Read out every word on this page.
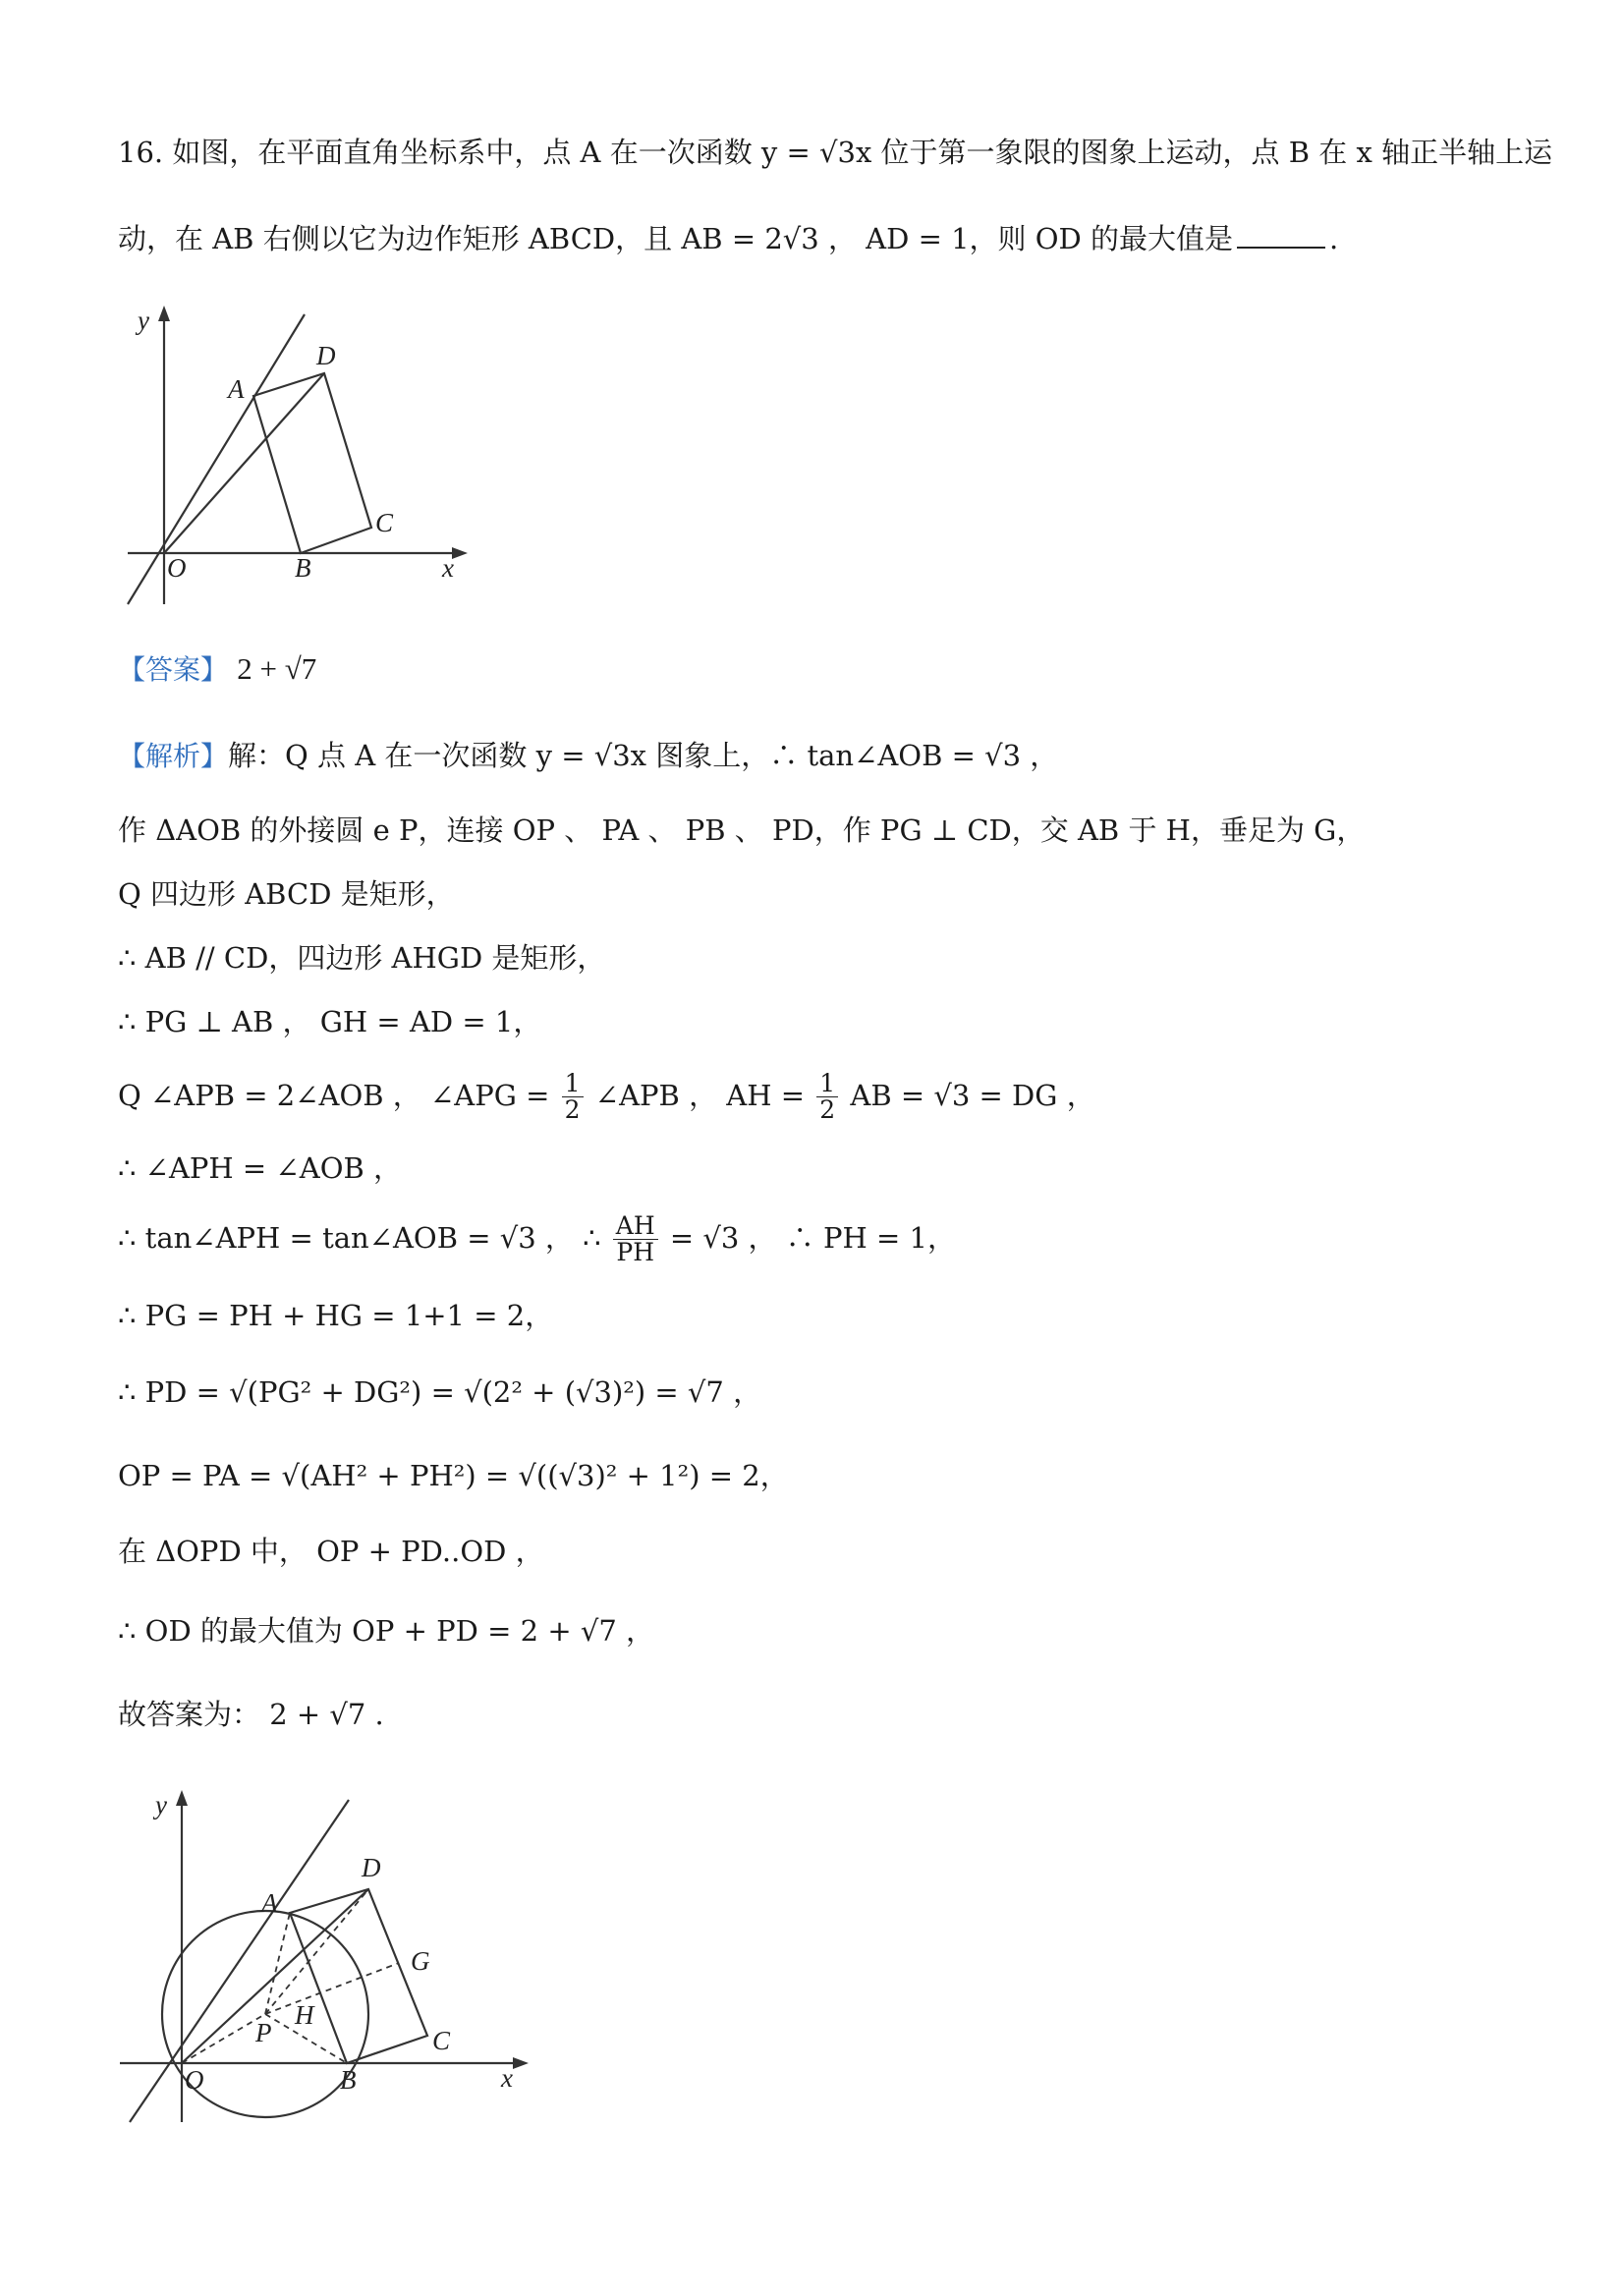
16. 如图，在平面直角坐标系中，点 A 在一次函数 y = √3x 位于第一象限的图象上运动，点 B 在 x 轴正半轴上运
动，在 AB 右侧以它为边作矩形 ABCD，且 AB = 2√3 ， AD = 1，则 OD 的最大值是	.
y
x
O
A
D
C
B
【答案】 2 + √7
【解析】解：Q 点 A 在一次函数 y = √3x 图象上，∴ tan∠AOB = √3 ，
作 ΔAOB 的外接圆 e P，连接 OP 、 PA 、 PB 、 PD，作 PG ⊥ CD，交 AB 于 H，垂足为 G，
Q 四边形 ABCD 是矩形，
∴ AB // CD，四边形 AHGD 是矩形，
∴ PG ⊥ AB ， GH = AD = 1，
Q ∠APB = 2∠AOB ， ∠APG = $\frac{1}{2}$ ∠APB ， AH = $\frac{1}{2}$ AB = √3 = DG ，
∴ ∠APH = ∠AOB ，
∴ tan∠APH = tan∠AOB = √3 ， ∴ $\frac{AH}{PH} = √3$ ， ∴ PH = 1，
∴ PG = PH + HG = 1+1 = 2，
∴ PD = √(PG² + DG²) = √(2² + (√3)²) = √7 ，
OP = PA = √(AH² + PH²) = √((√3)² + 1²) = 2，
在 ΔOPD 中， OP + PD..OD ，
∴ OD 的最大值为 OP + PD = 2 + √7 ，
故答案为： 2 + √7 .
y
x
O
A
D
G
H
P	C
B
